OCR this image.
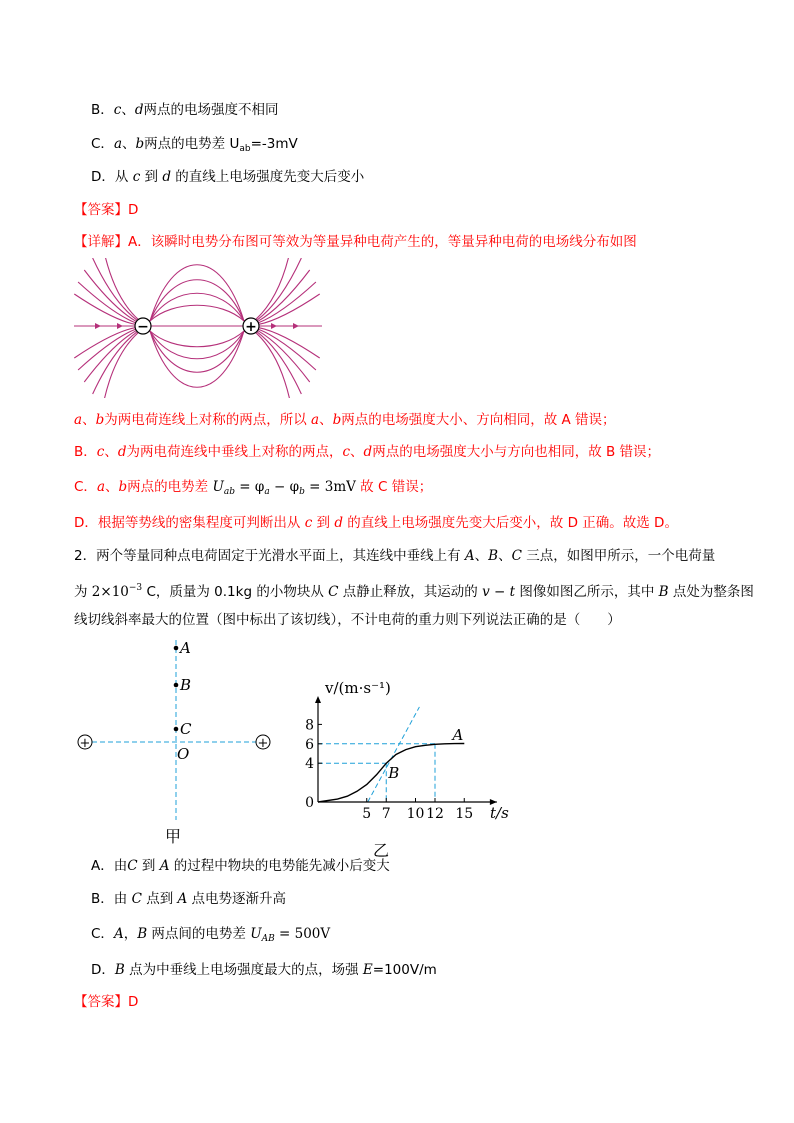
B．c、d两点的电场强度不相同
C．a、b两点的电势差 $U_{ab}=-3mV$
D．从 c 到 d 的直线上电场强度先变大后变小
【答案】D
【详解】A．该瞬时电势分布图可等效为等量异种电荷产生的，等量异种电荷的电场线分布如图
−	+
a、b为两电荷连线上对称的两点，所以 a、b两点的电场强度大小、方向相同，故 A 错误；
B．c、d为两电荷连线中垂线上对称的两点，c、d两点的电场强度大小与方向也相同，故 B 错误；
C．a、b两点的电势差 $U_{ab} = \varphi_a - \varphi_b = 3mV$ 故 C 错误；
D．根据等势线的密集程度可判断出从 c 到 d 的直线上电场强度先变大后变小，故 D 正确。故选 D。
2．两个等量同种点电荷固定于光滑水平面上，其连线中垂线上有 A、B、C 三点，如图甲所示，一个电荷量
为 $2\times 10^{-3}$ C，质量为 0.1kg 的小物块从 C 点静止释放，其运动的 v − t 图像如图乙所示，其中 B 点处为整条图
线切线斜率最大的位置（图中标出了该切线），不计电荷的重力则下列说法正确的是（　　）
A
B
C
O
+	+
甲
5 7 10 12 15
0
4
6
8
A
B
v/(m·s⁻¹)
t/s
乙
A．由C 到 A 的过程中物块的电势能先减小后变大
B．由 C 点到 A 点电势逐渐升高
C．A，B 两点间的电势差 $U_{AB} = 500V$
D．B 点为中垂线上电场强度最大的点，场强 E=100V/m
【答案】D
